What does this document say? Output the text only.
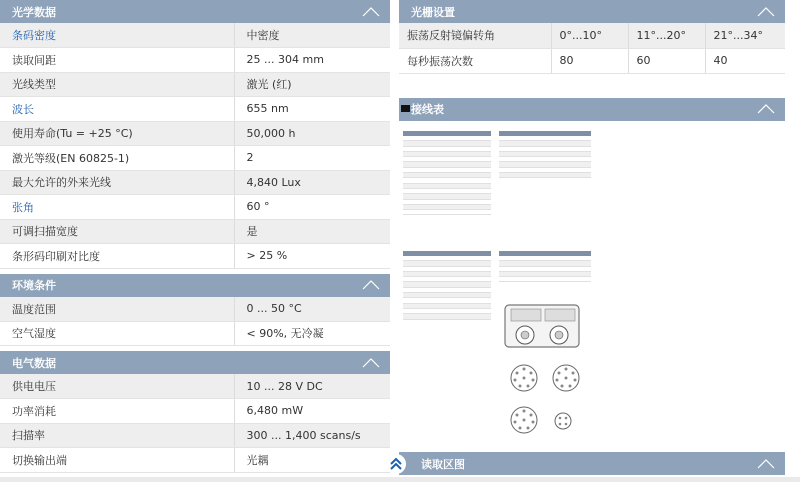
光学数据
条码密度	中密度
读取间距	25 ... 304 mm
光线类型	激光 (红)
波长	655 nm
使用寿命(Tu = +25 °C)	50,000 h
激光等级(EN 60825-1)	2
最大允许的外来光线	4,840 Lux
张角	60 °
可调扫描宽度	是
条形码印刷对比度	> 25 %
环境条件
温度范围	0 ... 50 °C
空气湿度	< 90%, 无冷凝
电气数据
供电电压	10 ... 28 V DC
功率消耗	6,480 mW
扫描率	300 ... 1,400 scans/s
切换输出端	光耦
光栅设置
振荡反射镜偏转角	0°...10°	11°...20°	21°...34°
每秒振荡次数	80	60	40
接线表
读取区图
